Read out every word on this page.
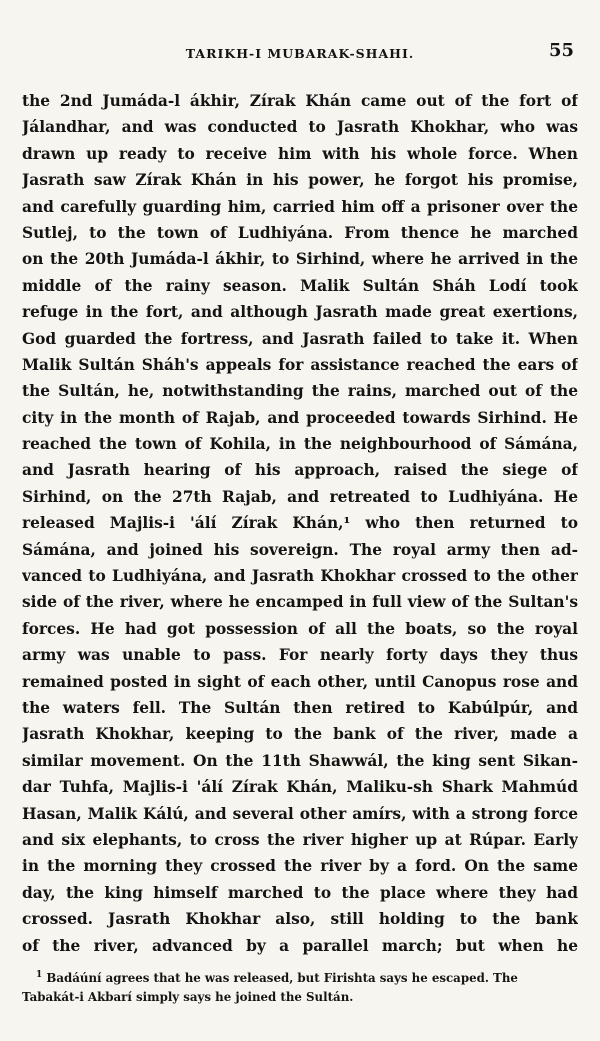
TARIKH-I MUBARAK-SHAHI.	55
the 2nd Jumáda-l ákhir, Zírak Khán came out of the fort of
Jálandhar, and was conducted to Jasrath Khokhar, who was
drawn up ready to receive him with his whole force. When
Jasrath saw Zírak Khán in his power, he forgot his promise,
and carefully guarding him, carried him off a prisoner over the
Sutlej, to the town of Ludhiyána. From thence he marched
on the 20th Jumáda-l ákhir, to Sirhind, where he arrived in the
middle of the rainy season. Malik Sultán Sháh Lodí took
refuge in the fort, and although Jasrath made great exertions,
God guarded the fortress, and Jasrath failed to take it. When
Malik Sultán Sháh's appeals for assistance reached the ears of
the Sultán, he, notwithstanding the rains, marched out of the
city in the month of Rajab, and proceeded towards Sirhind. He
reached the town of Kohila, in the neighbourhood of Sámána,
and Jasrath hearing of his approach, raised the siege of
Sirhind, on the 27th Rajab, and retreated to Ludhiyána. He
released Majlis-i 'álí Zírak Khán,¹ who then returned to
Sámána, and joined his sovereign. The royal army then ad-
vanced to Ludhiyána, and Jasrath Khokhar crossed to the other
side of the river, where he encamped in full view of the Sultan's
forces. He had got possession of all the boats, so the royal
army was unable to pass. For nearly forty days they thus
remained posted in sight of each other, until Canopus rose and
the waters fell. The Sultán then retired to Kabúlpúr, and
Jasrath Khokhar, keeping to the bank of the river, made a
similar movement. On the 11th Shawwál, the king sent Sikan-
dar Tuhfa, Majlis-i 'álí Zírak Khán, Maliku-sh Shark Mahmúd
Hasan, Malik Kálú, and several other amírs, with a strong force
and six elephants, to cross the river higher up at Rúpar. Early
in the morning they crossed the river by a ford. On the same
day, the king himself marched to the place where they had
crossed. Jasrath Khokhar also, still holding to the bank
of the river, advanced by a parallel march; but when he
$^1$ Badáúní agrees that he was released, but Firishta says he escaped. The
Tabakát-i Akbarí simply says he joined the Sultán.
